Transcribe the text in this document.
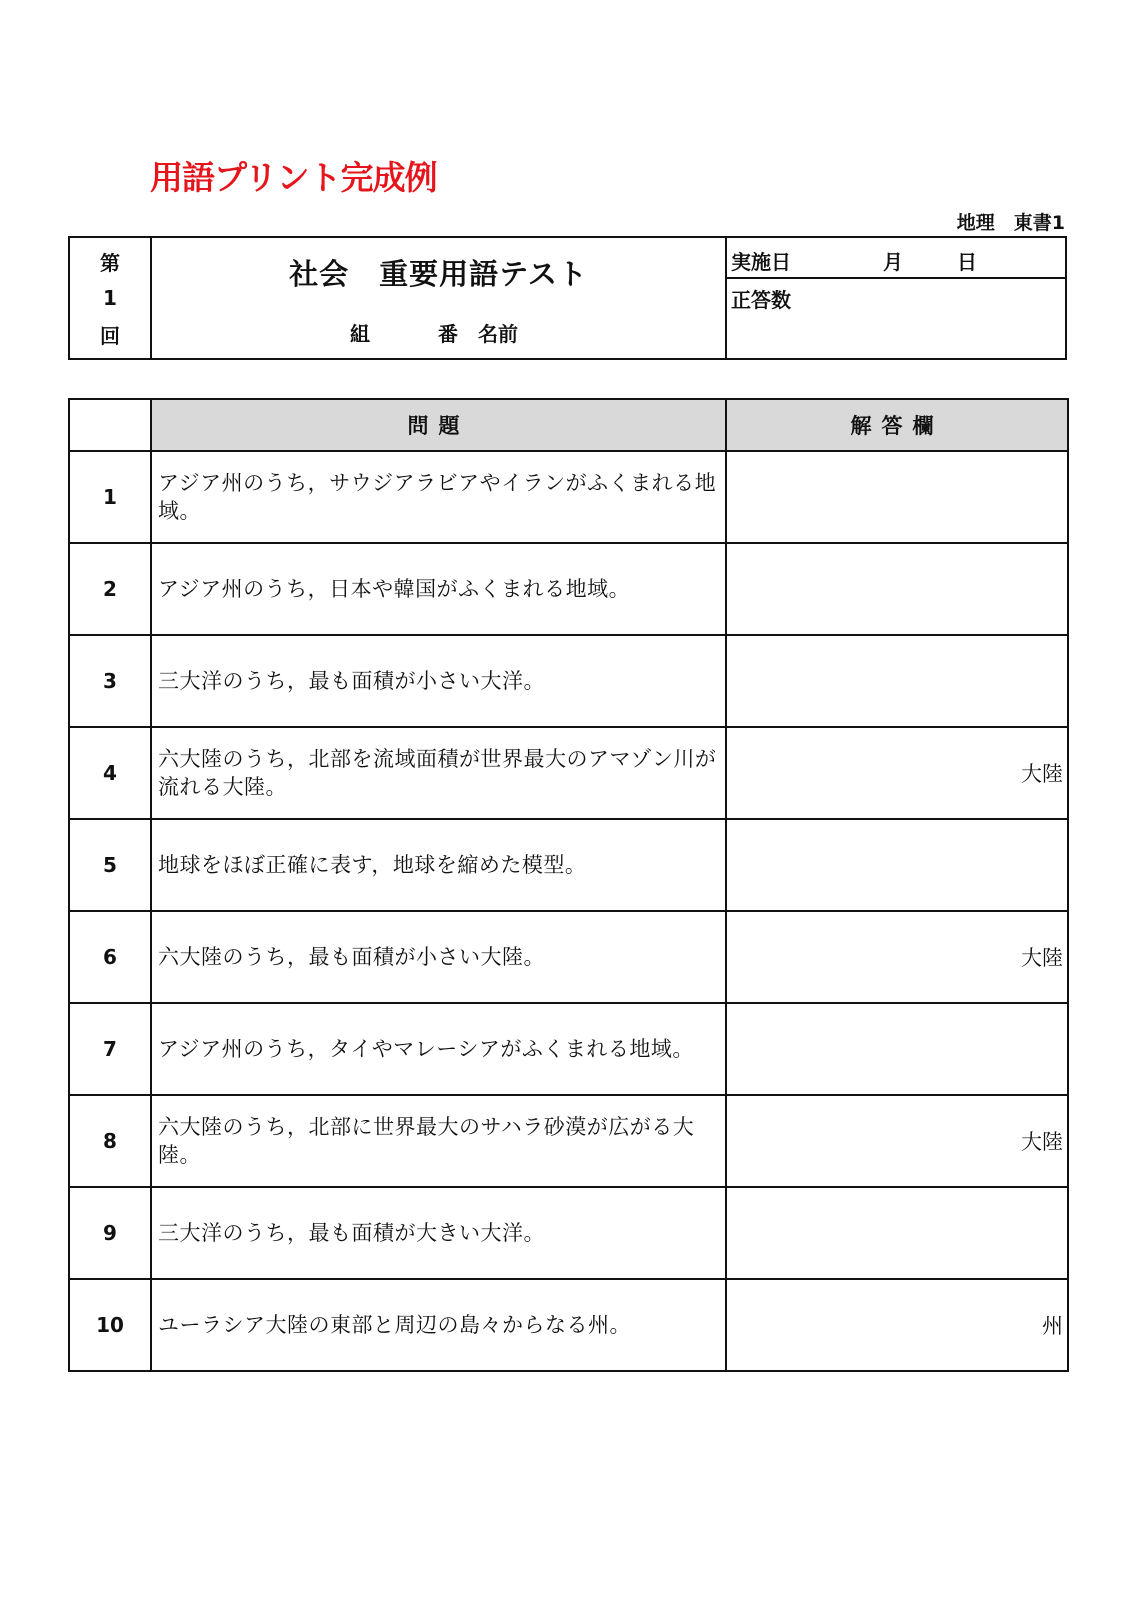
用語プリント完成例
地理　東書1
第
1
回
社会　重要用語テスト
組	番 名前
実施日	月	日
正答数
	問題	解答欄
1	アジア州のうち，サウジアラビアやイランがふくまれる地域。	
2	アジア州のうち，日本や韓国がふくまれる地域。	
3	三大洋のうち，最も面積が小さい大洋。	
4	六大陸のうち，北部を流域面積が世界最大のアマゾン川が流れる大陸。	大陸
5	地球をほぼ正確に表す，地球を縮めた模型。	
6	六大陸のうち，最も面積が小さい大陸。	大陸
7	アジア州のうち，タイやマレーシアがふくまれる地域。	
8	六大陸のうち，北部に世界最大のサハラ砂漠が広がる大陸。	大陸
9	三大洋のうち，最も面積が大きい大洋。	
10	ユーラシア大陸の東部と周辺の島々からなる州。	州
